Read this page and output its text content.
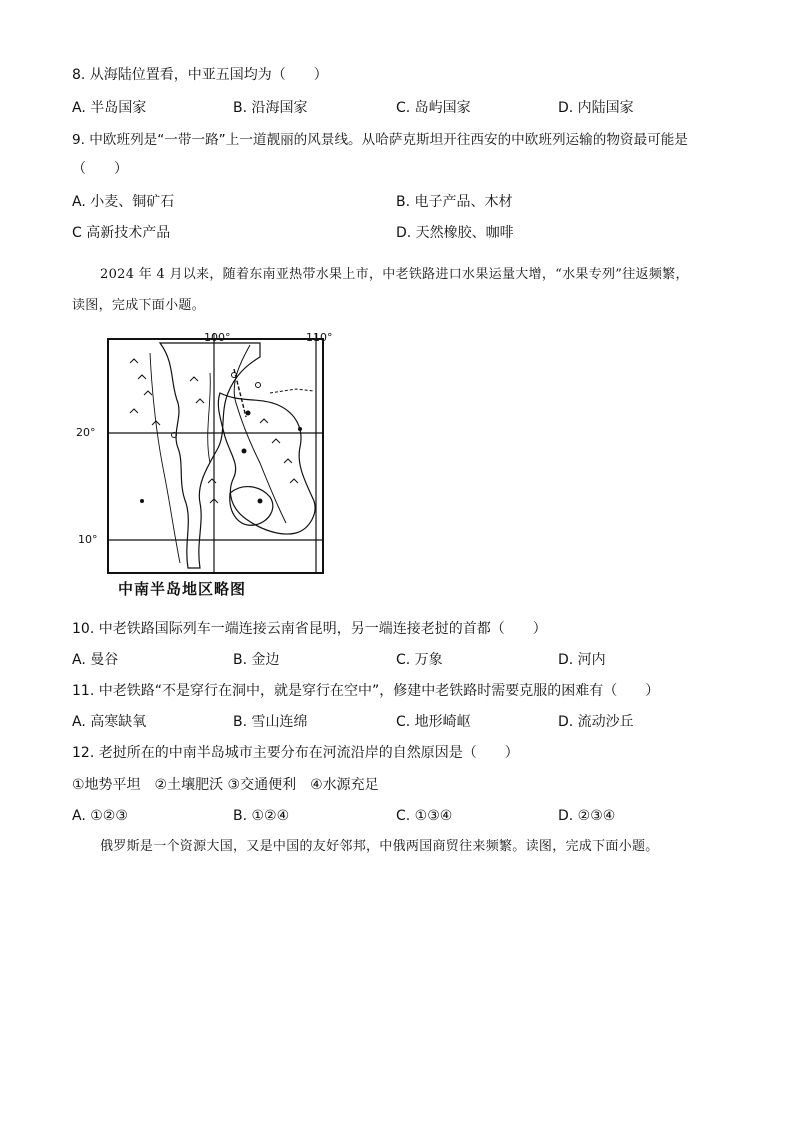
8. 从海陆位置看，中亚五国均为（　　）
A. 半岛国家	B. 沿海国家	C. 岛屿国家	D. 内陆国家
9. 中欧班列是“一带一路”上一道靓丽的风景线。从哈萨克斯坦开往西安的中欧班列运输的物资最可能是
（　　）
A. 小麦、铜矿石	B. 电子产品、木材
C 高新技术产品	D. 天然橡胶、咖啡
2024 年 4 月以来，随着东南亚热带水果上市，中老铁路进口水果运量大增，“水果专列”往返频繁，
读图，完成下面小题。
100°	110°
20°
10°
中南半岛地区略图
10. 中老铁路国际列车一端连接云南省昆明，另一端连接老挝的首都（　　）
A. 曼谷	B. 金边	C. 万象	D. 河内
11. 中老铁路“不是穿行在洞中，就是穿行在空中”，修建中老铁路时需要克服的困难有（　　）
A. 高寒缺氧	B. 雪山连绵	C. 地形崎岖	D. 流动沙丘
12. 老挝所在的中南半岛城市主要分布在河流沿岸的自然原因是（　　）
①地势平坦　②土壤肥沃 ③交通便利　④水源充足
A. ①②③	B. ①②④	C. ①③④	D. ②③④
俄罗斯是一个资源大国，又是中国的友好邻邦，中俄两国商贸往来频繁。读图，完成下面小题。
